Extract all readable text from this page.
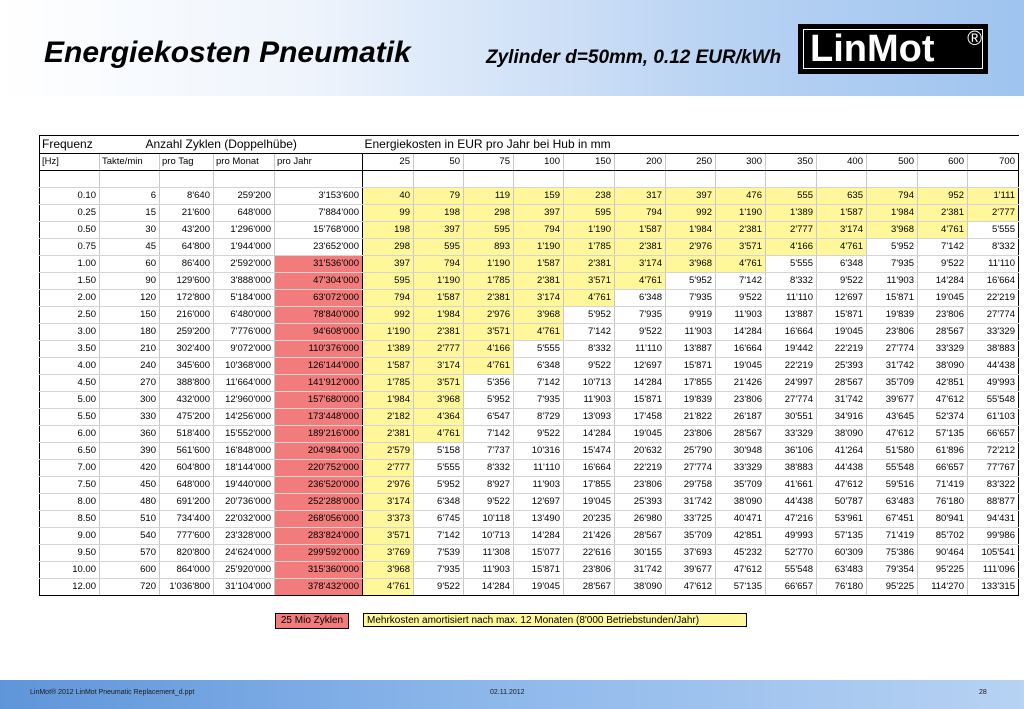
Energiekosten Pneumatik	Zylinder d=50mm, 0.12 EUR/kWh LinMot ®
Frequenz	Anzahl Zyklen (Doppelhübe)				Energiekosten in EUR pro Jahr bei Hub in mm												
[Hz]	Takte/min	pro Tag	pro Monat	pro Jahr	25	50	75	100	150	200	250	300	350	400	500	600	700

0.10	6	8'640	259'200	3'153'600	40	79	119	159	238	317	397	476	555	635	794	952	1'111
0.25	15	21'600	648'000	7'884'000	99	198	298	397	595	794	992	1'190	1'389	1'587	1'984	2'381	2'777
0.50	30	43'200	1'296'000	15'768'000	198	397	595	794	1'190	1'587	1'984	2'381	2'777	3'174	3'968	4'761	5'555
0.75	45	64'800	1'944'000	23'652'000	298	595	893	1'190	1'785	2'381	2'976	3'571	4'166	4'761	5'952	7'142	8'332
1.00	60	86'400	2'592'000	31'536'000	397	794	1'190	1'587	2'381	3'174	3'968	4'761	5'555	6'348	7'935	9'522	11'110
1.50	90	129'600	3'888'000	47'304'000	595	1'190	1'785	2'381	3'571	4'761	5'952	7'142	8'332	9'522	11'903	14'284	16'664
2.00	120	172'800	5'184'000	63'072'000	794	1'587	2'381	3'174	4'761	6'348	7'935	9'522	11'110	12'697	15'871	19'045	22'219
2.50	150	216'000	6'480'000	78'840'000	992	1'984	2'976	3'968	5'952	7'935	9'919	11'903	13'887	15'871	19'839	23'806	27'774
3.00	180	259'200	7'776'000	94'608'000	1'190	2'381	3'571	4'761	7'142	9'522	11'903	14'284	16'664	19'045	23'806	28'567	33'329
3.50	210	302'400	9'072'000	110'376'000	1'389	2'777	4'166	5'555	8'332	11'110	13'887	16'664	19'442	22'219	27'774	33'329	38'883
4.00	240	345'600	10'368'000	126'144'000	1'587	3'174	4'761	6'348	9'522	12'697	15'871	19'045	22'219	25'393	31'742	38'090	44'438
4.50	270	388'800	11'664'000	141'912'000	1'785	3'571	5'356	7'142	10'713	14'284	17'855	21'426	24'997	28'567	35'709	42'851	49'993
5.00	300	432'000	12'960'000	157'680'000	1'984	3'968	5'952	7'935	11'903	15'871	19'839	23'806	27'774	31'742	39'677	47'612	55'548
5.50	330	475'200	14'256'000	173'448'000	2'182	4'364	6'547	8'729	13'093	17'458	21'822	26'187	30'551	34'916	43'645	52'374	61'103
6.00	360	518'400	15'552'000	189'216'000	2'381	4'761	7'142	9'522	14'284	19'045	23'806	28'567	33'329	38'090	47'612	57'135	66'657
6.50	390	561'600	16'848'000	204'984'000	2'579	5'158	7'737	10'316	15'474	20'632	25'790	30'948	36'106	41'264	51'580	61'896	72'212
7.00	420	604'800	18'144'000	220'752'000	2'777	5'555	8'332	11'110	16'664	22'219	27'774	33'329	38'883	44'438	55'548	66'657	77'767
7.50	450	648'000	19'440'000	236'520'000	2'976	5'952	8'927	11'903	17'855	23'806	29'758	35'709	41'661	47'612	59'516	71'419	83'322
8.00	480	691'200	20'736'000	252'288'000	3'174	6'348	9'522	12'697	19'045	25'393	31'742	38'090	44'438	50'787	63'483	76'180	88'877
8.50	510	734'400	22'032'000	268'056'000	3'373	6'745	10'118	13'490	20'235	26'980	33'725	40'471	47'216	53'961	67'451	80'941	94'431
9.00	540	777'600	23'328'000	283'824'000	3'571	7'142	10'713	14'284	21'426	28'567	35'709	42'851	49'993	57'135	71'419	85'702	99'986
9.50	570	820'800	24'624'000	299'592'000	3'769	7'539	11'308	15'077	22'616	30'155	37'693	45'232	52'770	60'309	75'386	90'464	105'541
10.00	600	864'000	25'920'000	315'360'000	3'968	7'935	11'903	15'871	23'806	31'742	39'677	47'612	55'548	63'483	79'354	95'225	111'096
12.00	720	1'036'800	31'104'000	378'432'000	4'761	9'522	14'284	19'045	28'567	38'090	47'612	57'135	66'657	76'180	95'225	114'270	133'315
25 Mio Zyklen	Mehrkosten amortisiert nach max. 12 Monaten (8'000 Betriebstunden/Jahr)
LinMot® 2012 LinMot Pneumatic Replacement_d.ppt	02.11.2012	28
